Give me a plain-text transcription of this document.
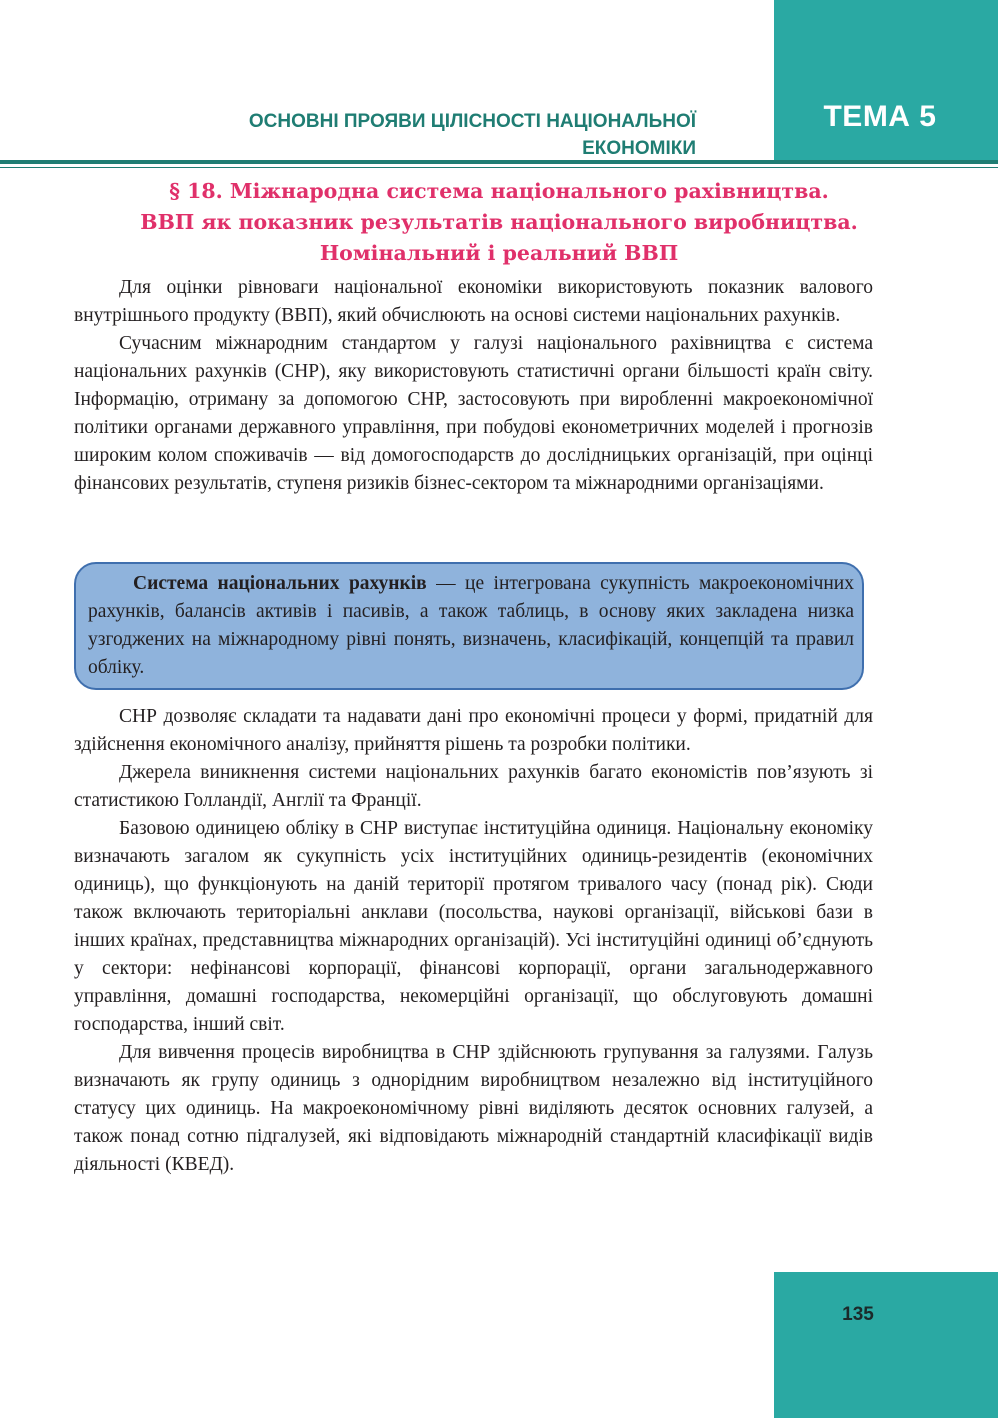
ТЕМА 5
ОСНОВНІ ПРОЯВИ ЦІЛІСНОСТІ НАЦІОНАЛЬНОЇ
ЕКОНОМІКИ
§ 18. Міжнародна система національного рахівництва.
ВВП як показник результатів національного виробництва.
Номінальний і реальний ВВП

Для оцінки рівноваги національної економіки використовують показник валового внутрішнього продукту (ВВП), який обчислюють на основі системи національних рахунків.

Сучасним міжнародним стандартом у галузі національного рахівництва є система національних рахунків (СНР), яку використовують статистичні органи більшості країн світу. Інформацію, отриману за допомогою СНР, застосовують при виробленні макроекономічної політики органами державного управління, при побудові економетричних моделей і прогнозів широким колом споживачів — від домогосподарств до дослідницьких організацій, при оцінці фінансових результатів, ступеня ризиків бізнес-сектором та міжнародними організаціями.

Система національних рахунків — це інтегрована сукупність макроекономічних рахунків, балансів активів і пасивів, а також таблиць, в основу яких закладена низка узгоджених на міжнародному рівні понять, визначень, класифікацій, концепцій та правил обліку.

СНР дозволяє складати та надавати дані про економічні процеси у формі, придатній для здійснення економічного аналізу, прийняття рішень та розробки політики.

Джерела виникнення системи національних рахунків багато економістів пов’язують зі статистикою Голландії, Англії та Франції.

Базовою одиницею обліку в СНР виступає інституційна одиниця. Національну економіку визначають загалом як сукупність усіх інституційних одиниць-резидентів (економічних одиниць), що функціонують на даній території протягом тривалого часу (понад рік). Сюди також включають територіальні анклави (посольства, наукові організації, військові бази в інших країнах, представництва міжнародних організацій). Усі інституційні одиниці об’єднують у сектори: нефінансові корпорації, фінансові корпорації, органи загальнодержавного управління, домашні господарства, некомерційні організації, що обслуговують домашні господарства, інший світ.

Для вивчення процесів виробництва в СНР здійснюють групування за галузями. Галузь визначають як групу одиниць з однорідним виробництвом незалежно від інституційного статусу цих одиниць. На макроекономічному рівні виділяють десяток основних галузей, а також понад сотню підгалузей, які відповідають міжнародній стандартній класифікації видів діяльності (КВЕД).

135
